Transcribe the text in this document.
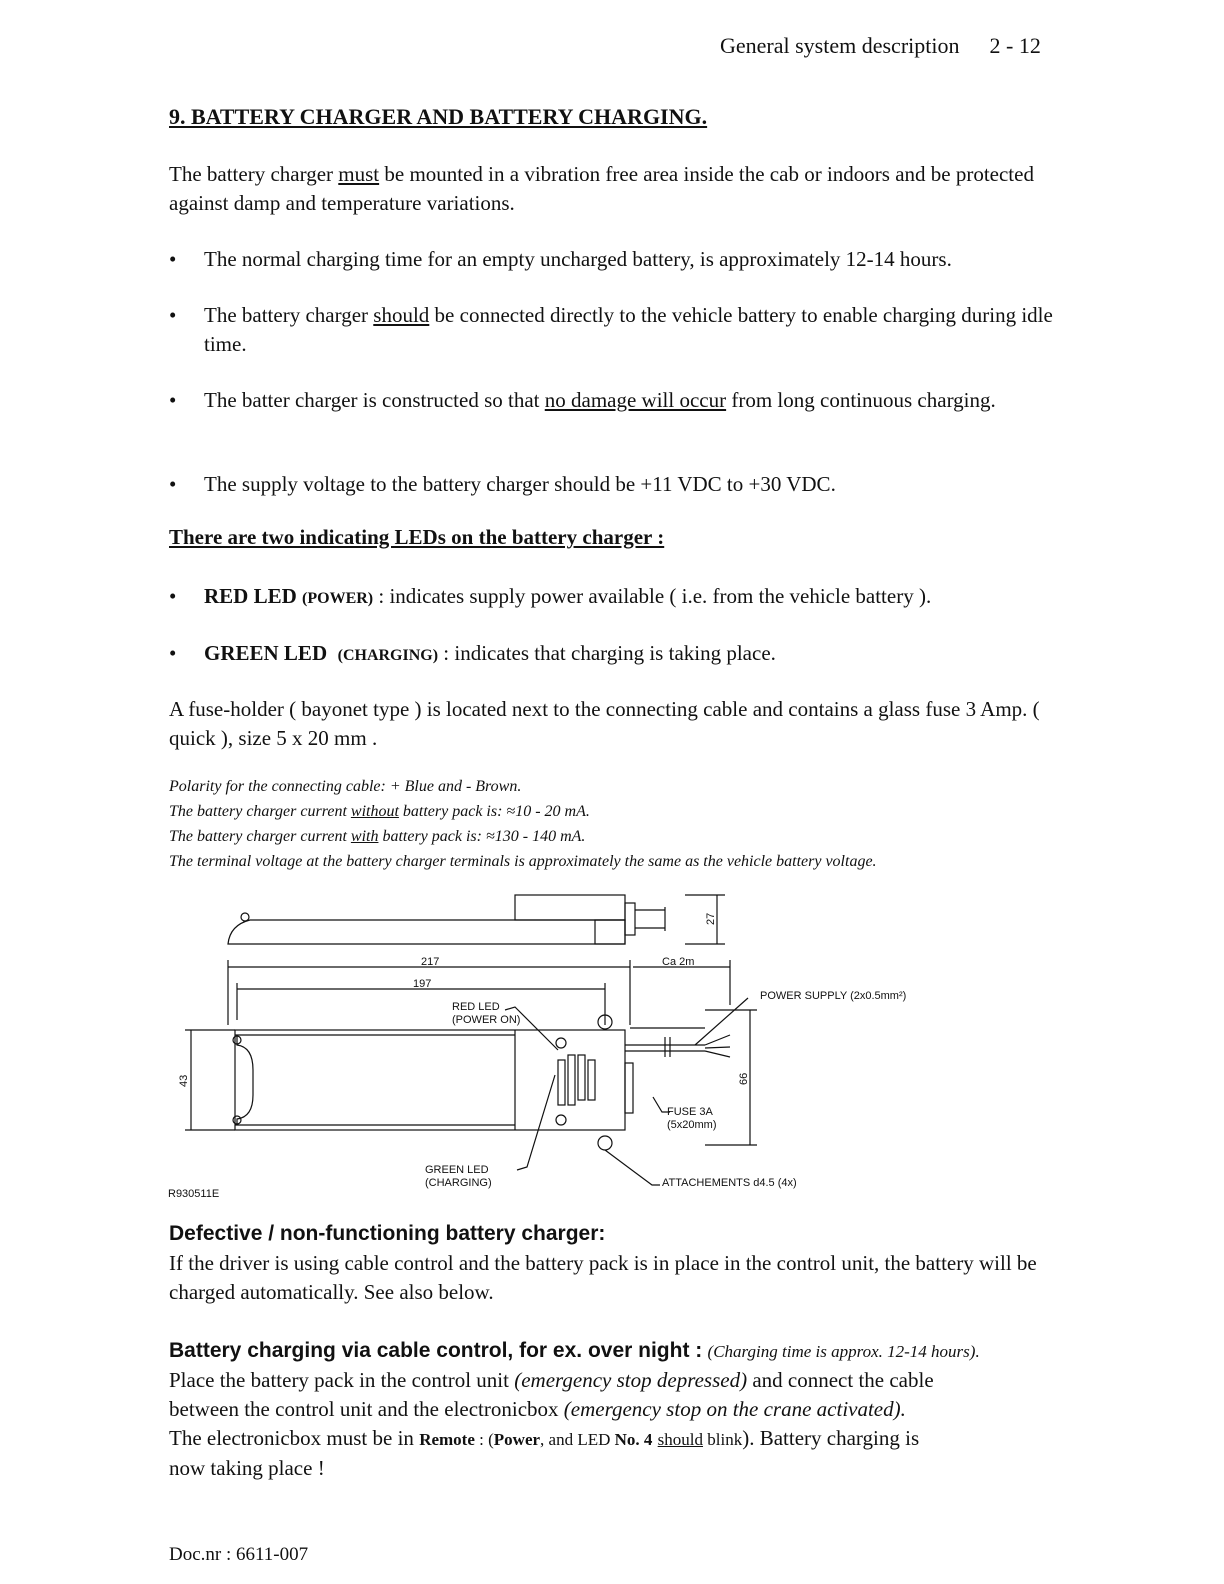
General system description 2 - 12
9. BATTERY CHARGER AND BATTERY CHARGING.
The battery charger must be mounted in a vibration free area inside the cab or indoors and be protected against damp and temperature variations.
• The normal charging time for an empty uncharged battery, is approximately 12-14 hours.
• The battery charger should be connected directly to the vehicle battery to enable charging during idle time.
• The batter charger is constructed so that no damage will occur from long continuous charging.
• The supply voltage to the battery charger should be +11 VDC to +30 VDC.
There are two indicating LEDs on the battery charger :
• RED LED (POWER) : indicates supply power available ( i.e. from the vehicle battery ).
• GREEN LED (CHARGING) : indicates that charging is taking place.
A fuse-holder ( bayonet type ) is located next to the connecting cable and contains a glass fuse 3 Amp. ( quick ), size 5 x 20 mm .
Polarity for the connecting cable: + Blue and - Brown.
The battery charger current without battery pack is: ≈10 - 20 mA.
The battery charger current with battery pack is: ≈130 - 140 mA.
The terminal voltage at the battery charger terminals is approximately the same as the vehicle battery voltage.
27
217
197
Ca 2m
43	66
RED LED
(POWER ON)
POWER SUPPLY (2x0.5mm²)
FUSE 3A
(5x20mm)
GREEN LED
(CHARGING)	ATTACHEMENTS d4.5 (4x)
R930511E
Defective / non-functioning battery charger:
If the driver is using cable control and the battery pack is in place in the control unit, the battery will be charged automatically. See also below.
Battery charging via cable control, for ex. over night : (Charging time is approx. 12-14 hours).
Place the battery pack in the control unit (emergency stop depressed) and connect the cable
between the control unit and the electronicbox (emergency stop on the crane activated).
The electronicbox must be in Remote : (Power, and LED No. 4 should blink). Battery charging is
now taking place !
Doc.nr : 6611-007
